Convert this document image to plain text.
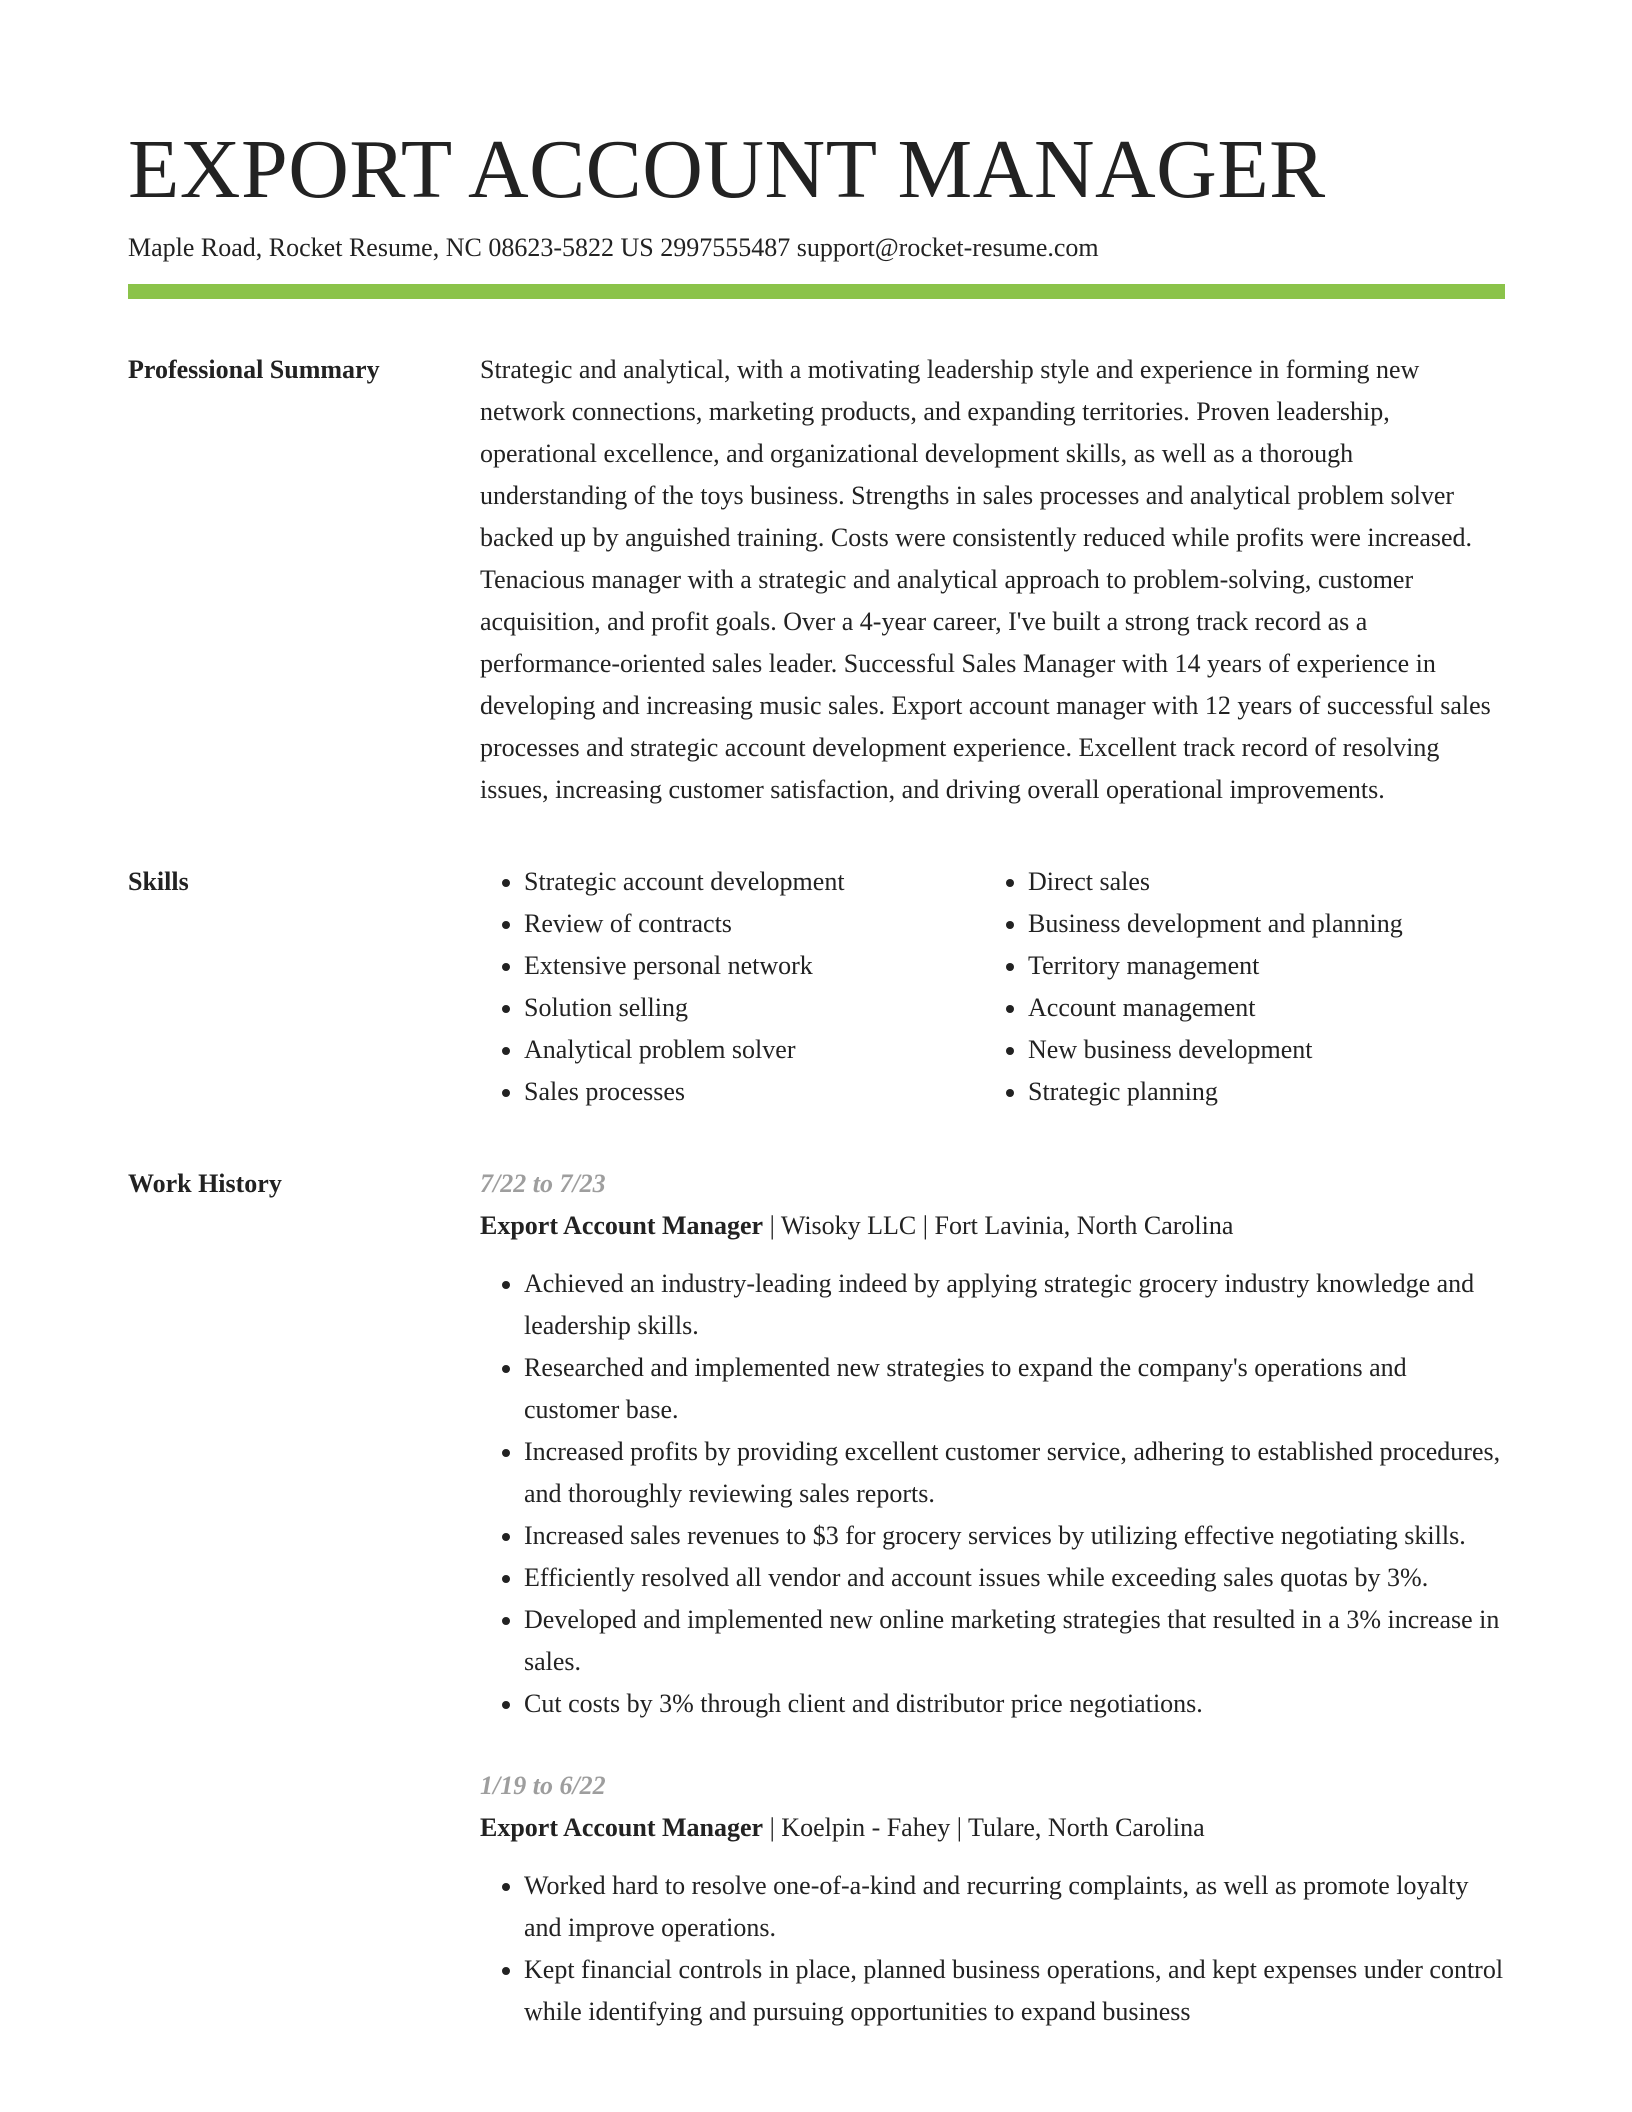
EXPORT ACCOUNT MANAGER
Maple Road, Rocket Resume, NC 08623-5822 US 2997555487 support@rocket-resume.com
Professional Summary	Strategic and analytical, with a motivating leadership style and experience in forming new network connections, marketing products, and expanding territories. Proven leadership, operational excellence, and organizational development skills, as well as a thorough understanding of the toys business. Strengths in sales processes and analytical problem solver backed up by anguished training. Costs were consistently reduced while profits were increased. Tenacious manager with a strategic and analytical approach to problem-solving, customer acquisition, and profit goals. Over a 4-year career, I've built a strong track record as a performance-oriented sales leader. Successful Sales Manager with 14 years of experience in developing and increasing music sales. Export account manager with 12 years of successful sales processes and strategic account development experience. Excellent track record of resolving issues, increasing customer satisfaction, and driving overall operational improvements.

Skills
•	Strategic account development
• Review of contracts
• Extensive personal network
• Solution selling
• Analytical problem solver
• Sales processes
• Direct sales
• Business development and planning
• Territory management
• Account management
• New business development
• Strategic planning
Work History	7/22 to 7/23
Export Account Manager | Wisoky LLC | Fort Lavinia, North Carolina
• Achieved an industry-leading indeed by applying strategic grocery industry knowledge and leadership skills.
• Researched and implemented new strategies to expand the company's operations and customer base.
• Increased profits by providing excellent customer service, adhering to established procedures, and thoroughly reviewing sales reports.
• Increased sales revenues to $3 for grocery services by utilizing effective negotiating skills.
• Efficiently resolved all vendor and account issues while exceeding sales quotas by 3%.
• Developed and implemented new online marketing strategies that resulted in a 3% increase in sales.
• Cut costs by 3% through client and distributor price negotiations.
1/19 to 6/22
Export Account Manager | Koelpin - Fahey | Tulare, North Carolina
• Worked hard to resolve one-of-a-kind and recurring complaints, as well as promote loyalty and improve operations.
• Kept financial controls in place, planned business operations, and kept expenses under control while identifying and pursuing opportunities to expand business
